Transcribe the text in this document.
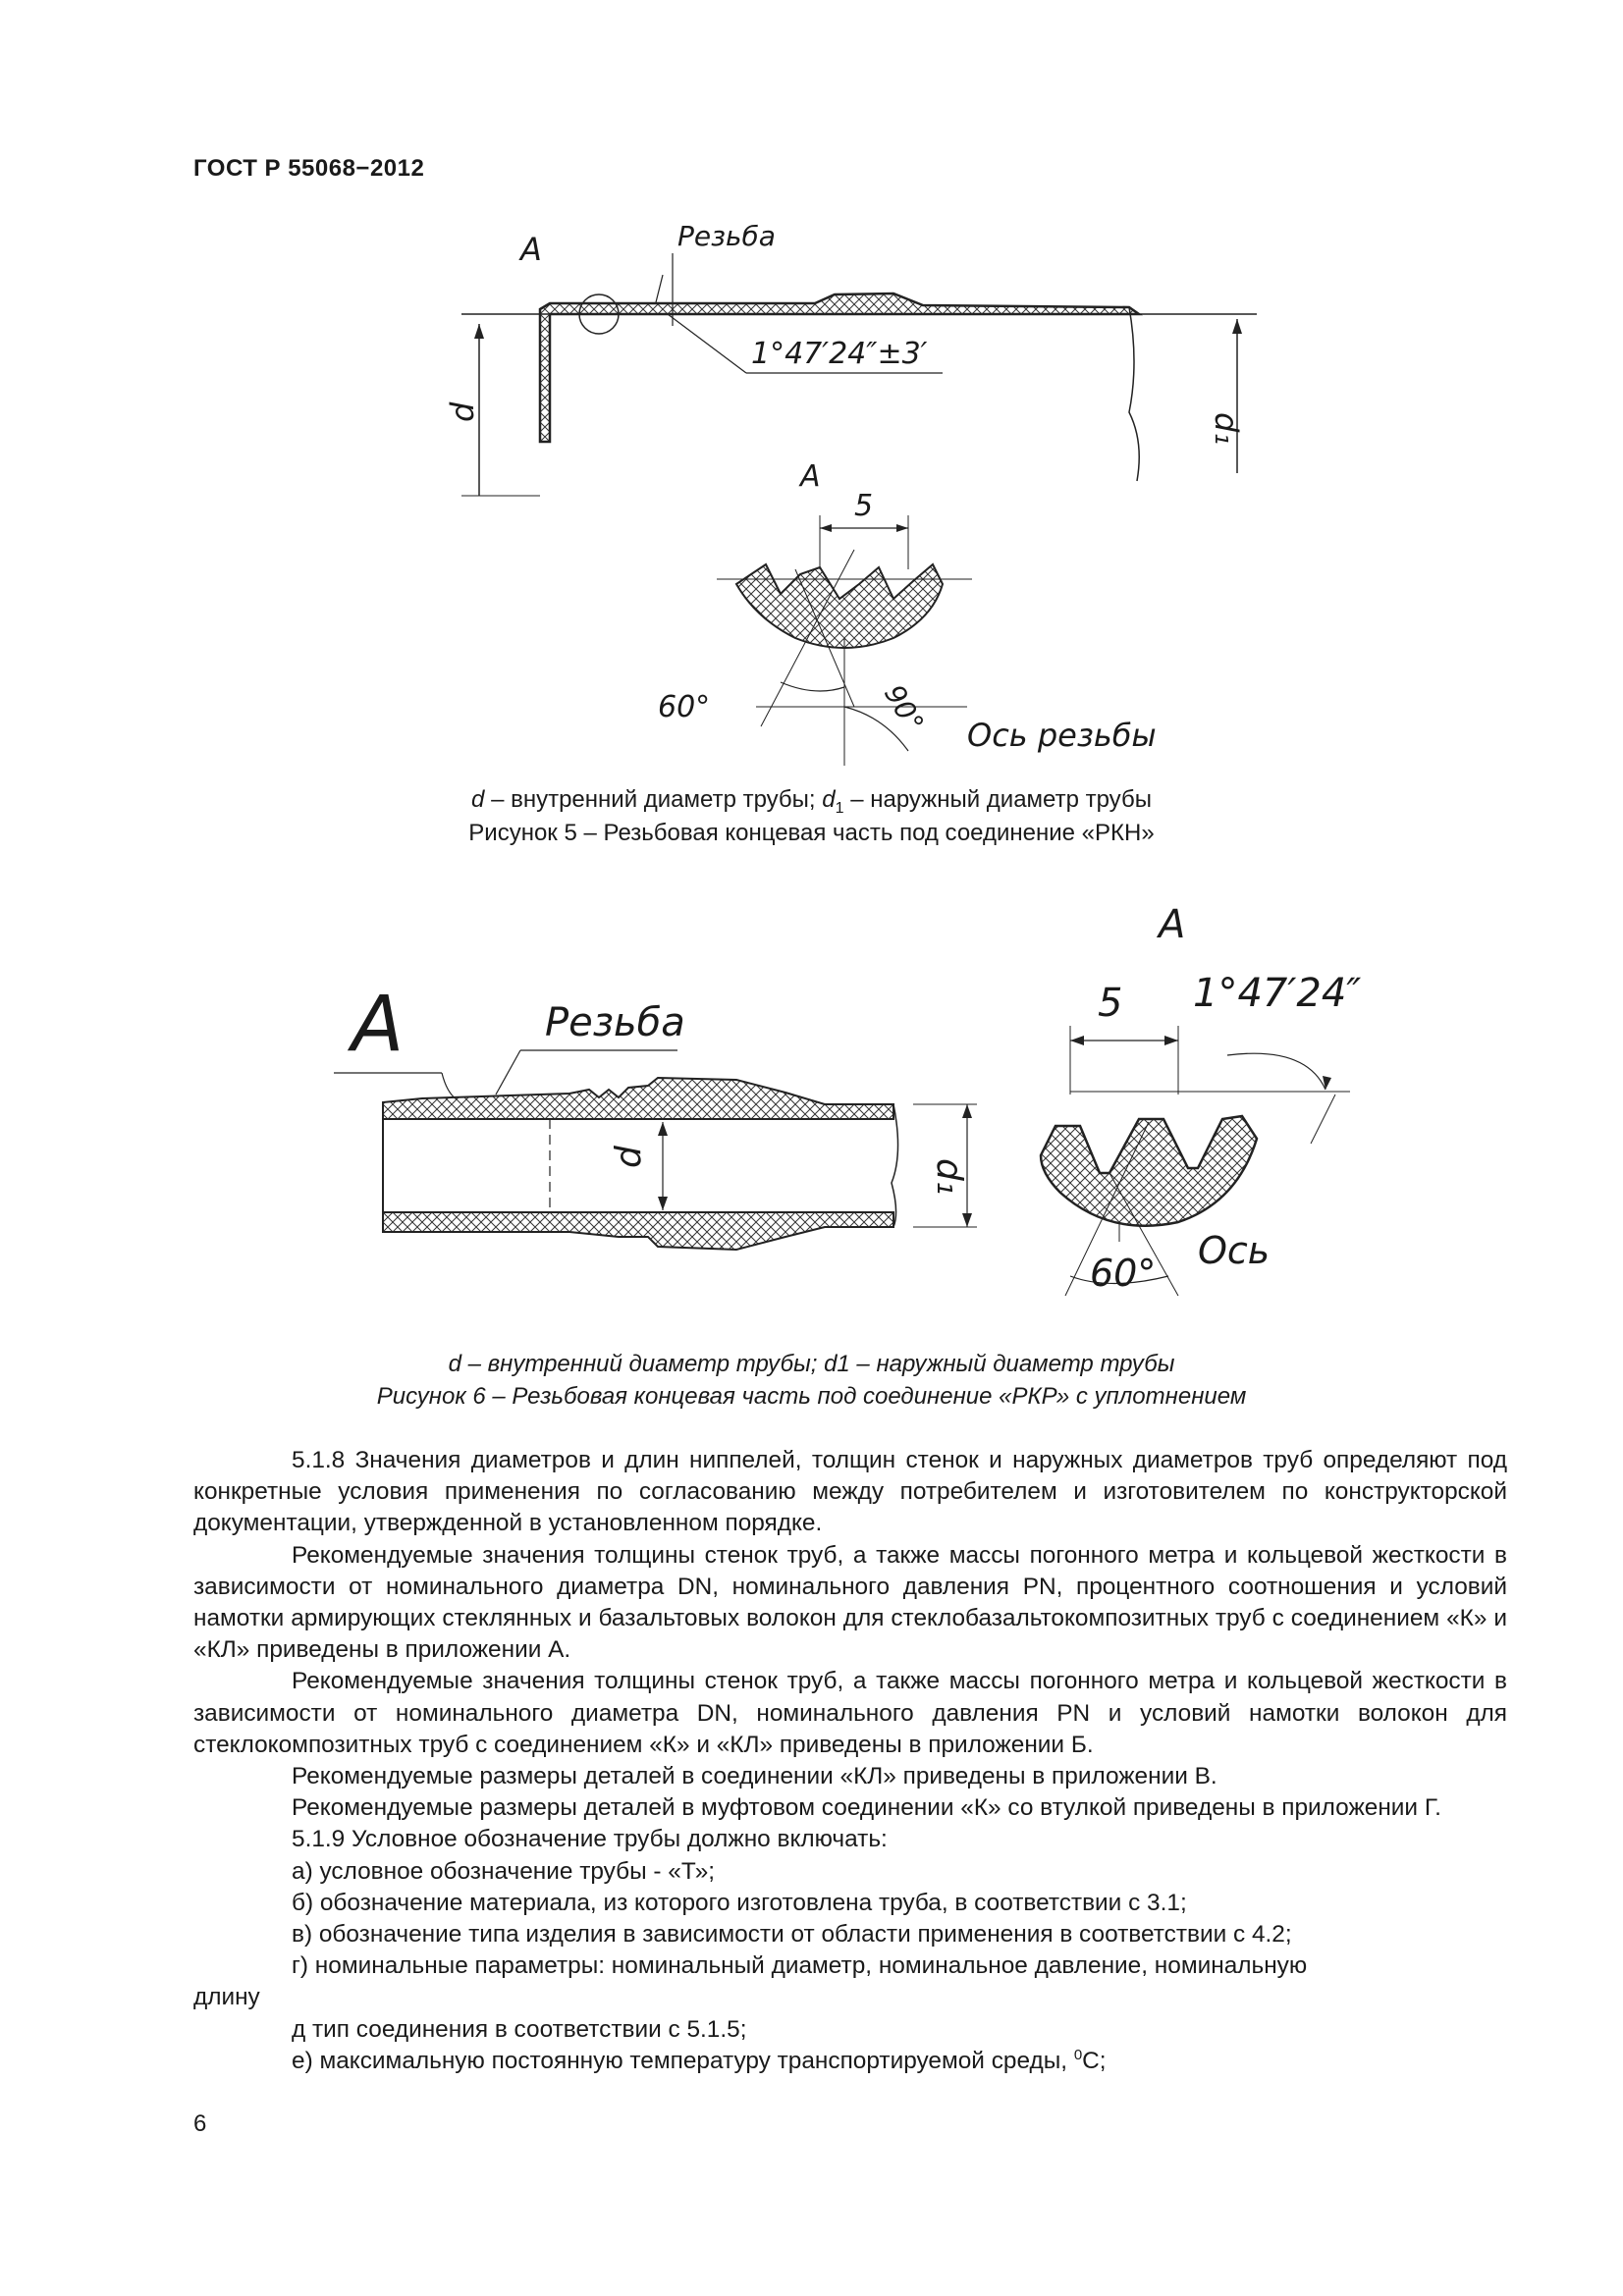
ГОСТ Р 55068−2012
d
d₁
A	Резьба
1°47′24″±3′
A
5
60°	90° Ось резьбы
d – внутренний диаметр трубы; $d_1$ – наружный диаметр трубы
Рисунок 5 – Резьбовая концевая часть под соединение «РКН»
A	Резьба
d
d₁
A
5 1°47′24″
60°
Ось
d – внутренний диаметр трубы; d1 – наружный диаметр трубы
Рисунок 6 – Резьбовая концевая часть под соединение «РКР» с уплотнением

5.1.8 Значения диаметров и длин ниппелей, толщин стенок и наружных диаметров труб определяют под конкретные условия применения по согласованию между потребителем и изготовителем по конструкторской документации, утвержденной в установленном порядке.

Рекомендуемые значения толщины стенок труб, а также массы погонного метра и кольцевой жесткости в зависимости от номинального диаметра DN, номинального давления PN, процентного соотношения и условий намотки армирующих стеклянных и базальтовых волокон для стеклобазальтокомпозитных труб с соединением «К» и «КЛ» приведены в приложении А.

Рекомендуемые значения толщины стенок труб, а также массы погонного метра и кольцевой жесткости в зависимости от номинального диаметра DN, номинального давления PN и условий намотки волокон для стеклокомпозитных труб с соединением «К» и «КЛ» приведены в приложении Б.

Рекомендуемые размеры деталей в соединении «КЛ» приведены в приложении В.

Рекомендуемые размеры деталей в муфтовом соединении «К» со втулкой приведены в приложении Г.

5.1.9 Условное обозначение трубы должно включать:

а) условное обозначение трубы - «Т»;

б) обозначение материала, из которого изготовлена труба, в соответствии с 3.1;

в) обозначение типа изделия в зависимости от области применения в соответствии с 4.2;

г) номинальные параметры: номинальный диаметр, номинальное давление, номинальную

длину

д тип соединения в соответствии с 5.1.5;

е) максимальную постоянную температуру транспортируемой среды, $^0$С;

6
